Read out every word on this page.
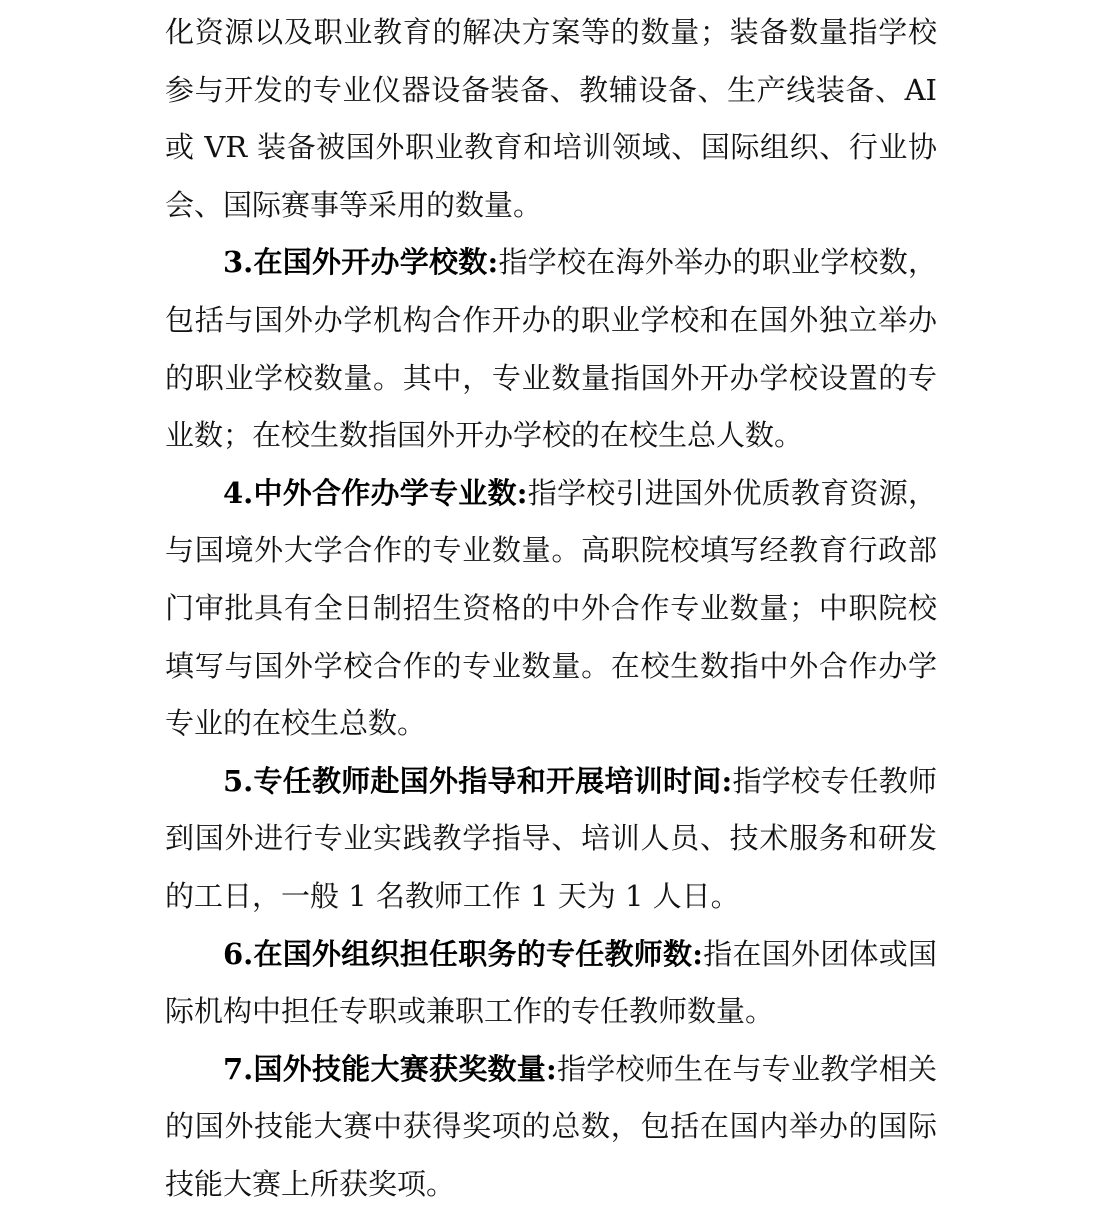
化资源以及职业教育的解决方案等的数量；装备数量指学校参与开发的专业仪器设备装备、教辅设备、生产线装备、AI或 VR 装备被国外职业教育和培训领域、国际组织、行业协会、国际赛事等采用的数量。

3.在国外开办学校数:指学校在海外举办的职业学校数，包括与国外办学机构合作开办的职业学校和在国外独立举办的职业学校数量。其中，专业数量指国外开办学校设置的专业数；在校生数指国外开办学校的在校生总人数。

4.中外合作办学专业数:指学校引进国外优质教育资源，与国境外大学合作的专业数量。高职院校填写经教育行政部门审批具有全日制招生资格的中外合作专业数量；中职院校填写与国外学校合作的专业数量。在校生数指中外合作办学专业的在校生总数。

5.专任教师赴国外指导和开展培训时间:指学校专任教师到国外进行专业实践教学指导、培训人员、技术服务和研发的工日，一般 1 名教师工作 1 天为 1 人日。

6.在国外组织担任职务的专任教师数:指在国外团体或国际机构中担任专职或兼职工作的专任教师数量。

7.国外技能大赛获奖数量:指学校师生在与专业教学相关的国外技能大赛中获得奖项的总数，包括在国内举办的国际技能大赛上所获奖项。
